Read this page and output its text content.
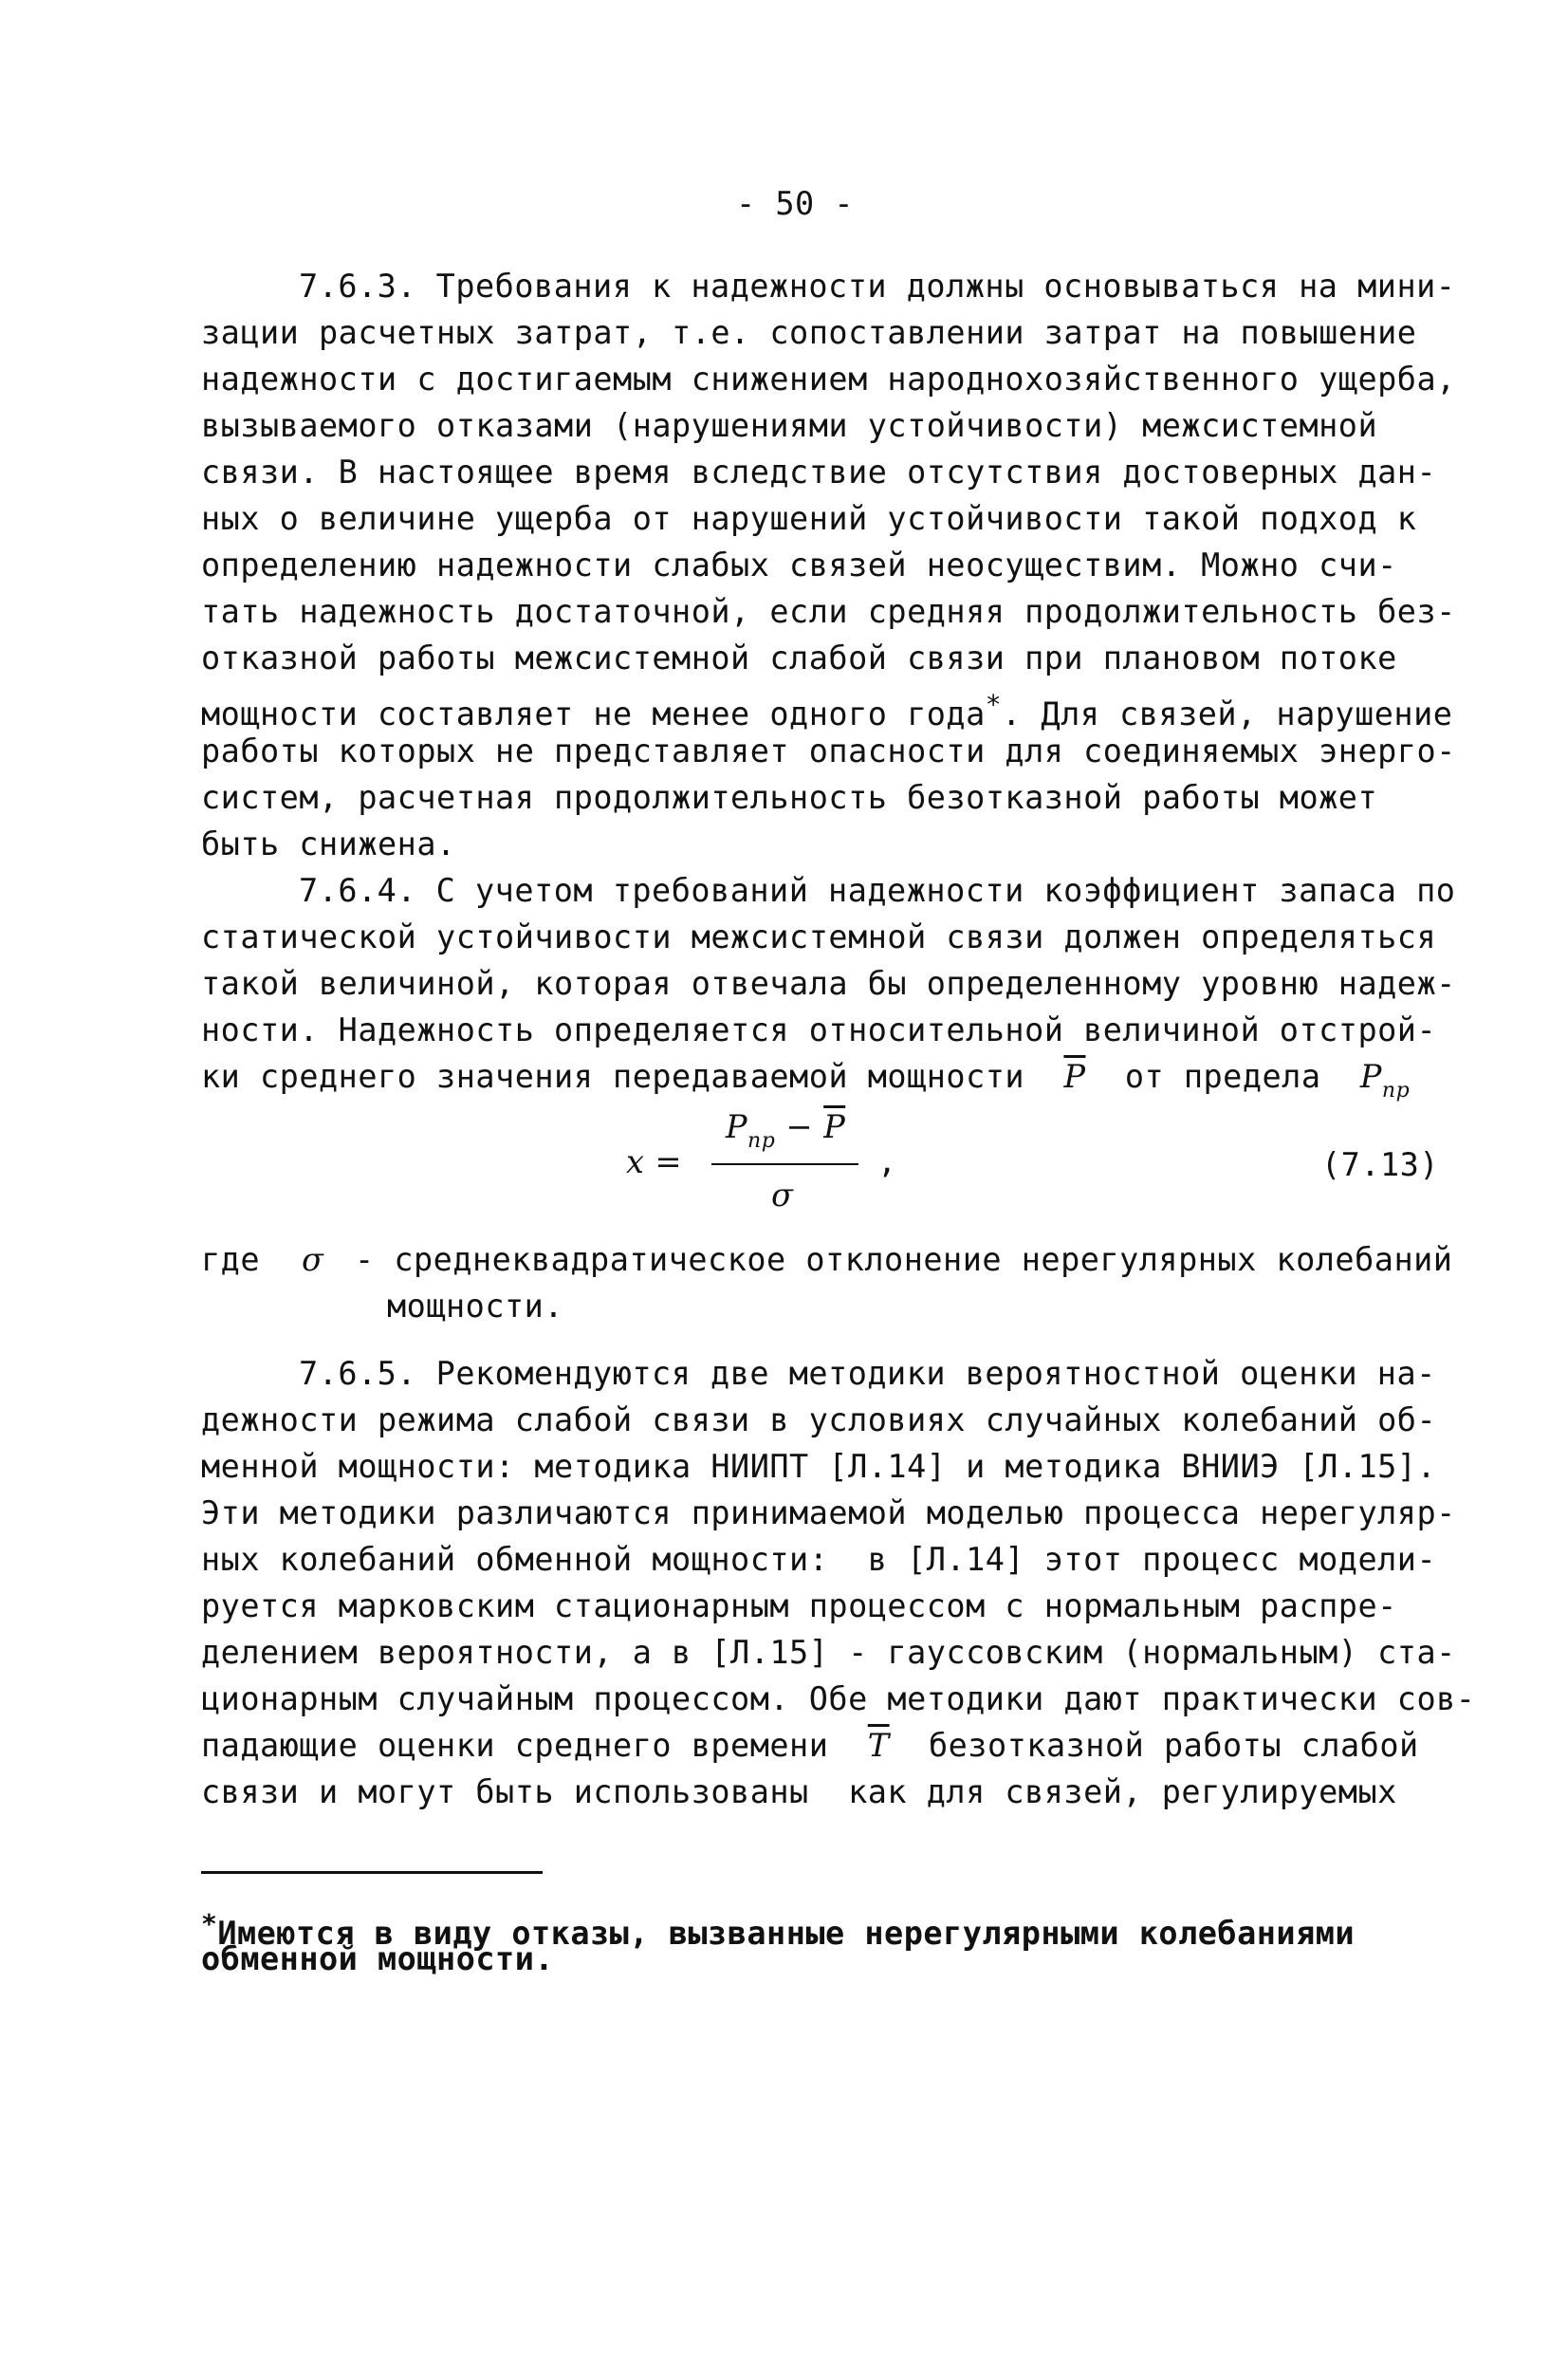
- 50 -
7.6.3. Требования к надежности должны основываться на мини-
зации расчетных затрат, т.е. сопоставлении затрат на повышение
надежности с достигаемым снижением народнохозяйственного ущерба,
вызываемого отказами (нарушениями устойчивости) межсистемной
связи. В настоящее время вследствие отсутствия достоверных дан-
ных о величине ущерба от нарушений устойчивости такой подход к
определению надежности слабых связей неосуществим. Можно счи-
тать надежность достаточной, если средняя продолжительность без-
отказной работы межсистемной слабой связи при плановом потоке
мощности составляет не менее одного года*. Для связей, нарушение
работы которых не представляет опасности для соединяемых энерго-
систем, расчетная продолжительность безотказной работы может
быть снижена.
7.6.4. С учетом требований надежности коэффициент запаса по
статической устойчивости межсистемной связи должен определяться
такой величиной, которая отвечала бы определенному уровню надеж-
ности. Надежность определяется относительной величиной отстрой-
ки среднего значения передаваемой мощности $\overline{P}$ от предела $P_{пр}$
x =
$P_{пр} - \overline{P}$
σ
,	(7.13)
где σ - среднеквадратическое отклонение нерегулярных колебаний
мощности.
7.6.5. Рекомендуются две методики вероятностной оценки на-
дежности режима слабой связи в условиях случайных колебаний об-
менной мощности: методика НИИПТ [Л.14] и методика ВНИИЭ [Л.15].
Эти методики различаются принимаемой моделью процесса нерегуляр-
ных колебаний обменной мощности:  в [Л.14] этот процесс модели-
руется марковским стационарным процессом с нормальным распре-
делением вероятности, а в [Л.15] - гауссовским (нормальным) ста-
ционарным случайным процессом. Обе методики дают практически сов-
падающие оценки среднего времени $\overline{T}$ безотказной работы слабой
связи и могут быть использованы  как для связей, регулируемых
*Имеются в виду отказы, вызванные нерегулярными колебаниями
обменной мощности.
